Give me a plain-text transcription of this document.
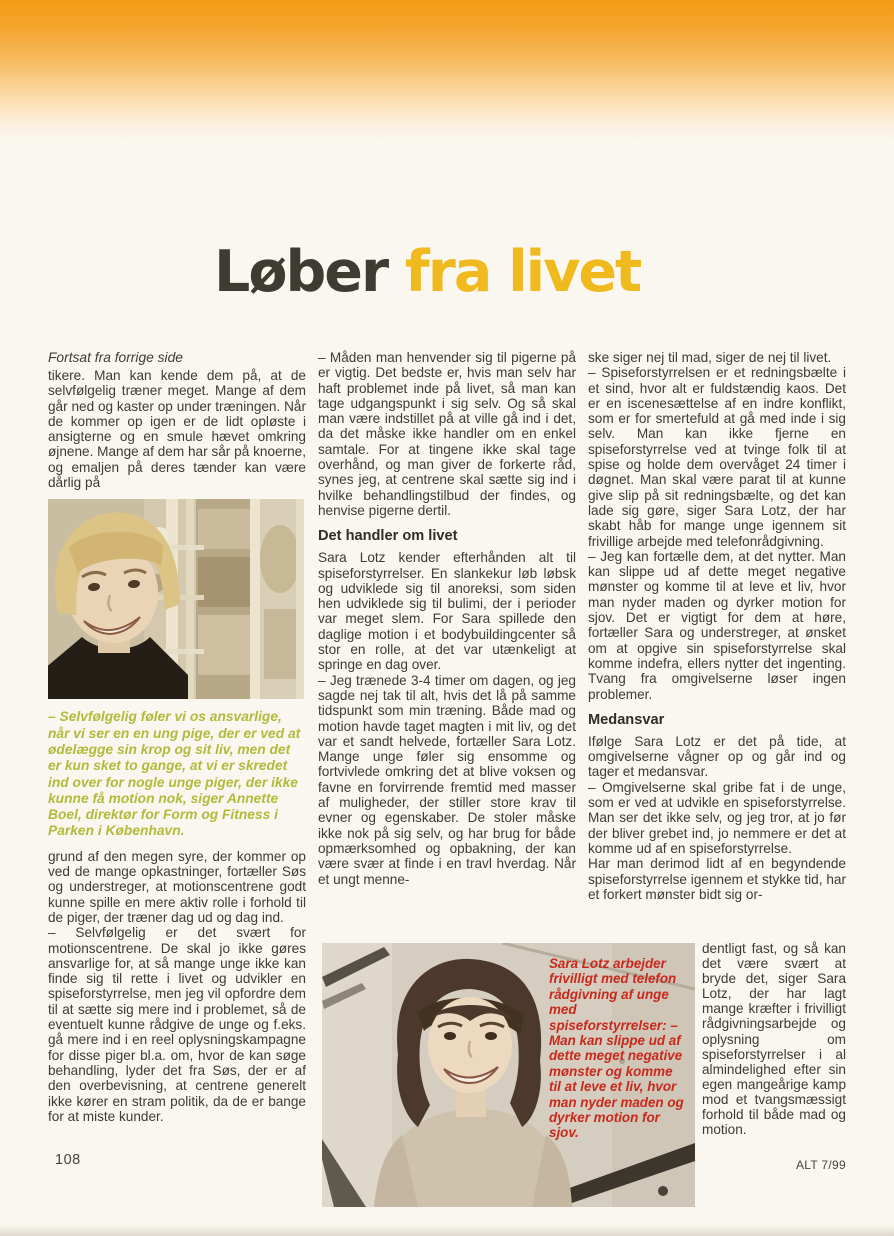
Løber fra livet

Fortsat fra forrige side

tikere. Man kan kende dem på, at de selvfølgelig træner meget. Mange af dem går ned og kaster op under træningen. Når de kommer op igen er de lidt opløste i ansigterne og en smule hævet omkring øjnene. Mange af dem har sår på knoerne, og emaljen på deres tænder kan være dårlig på

– Selvfølgelig føler vi os ansvarlige, når vi ser en en ung pige, der er ved at ødelægge sin krop og sit liv, men det er kun sket to gange, at vi er skredet ind over for nogle unge piger, der ikke kunne få motion nok, siger Annette Boel, direktør for Form og Fitness i Parken i København.

grund af den megen syre, der kommer op ved de mange opkastninger, fortæller Søs og understreger, at motionscentrene godt kunne spille en mere aktiv rolle i forhold til de piger, der træner dag ud og dag ind.

– Selvfølgelig er det svært for motionscentrene. De skal jo ikke gøres ansvarlige for, at så mange unge ikke kan finde sig til rette i livet og udvikler en spiseforstyrrelse, men jeg vil opfordre dem til at sætte sig mere ind i problemet, så de eventuelt kunne rådgive de unge og f.eks. gå mere ind i en reel oplysningskampagne for disse piger bl.a. om, hvor de kan søge behandling, lyder det fra Søs, der er af den overbevisning, at centrene generelt ikke kører en stram politik, da de er bange for at miste kunder.

– Måden man henvender sig til pigerne på er vigtig. Det bedste er, hvis man selv har haft problemet inde på livet, så man kan tage udgangspunkt i sig selv. Og så skal man være indstillet på at ville gå ind i det, da det måske ikke handler om en enkel samtale. For at tingene ikke skal tage overhånd, og man giver de forkerte råd, synes jeg, at centrene skal sætte sig ind i hvilke behandlingstilbud der findes, og henvise pigerne dertil.

Det handler om livet

Sara Lotz kender efterhånden alt til spiseforstyrrelser. En slankekur løb løbsk og udviklede sig til anoreksi, som siden hen udviklede sig til bulimi, der i perioder var meget slem. For Sara spillede den daglige motion i et bodybuildingcenter så stor en rolle, at det var utænkeligt at springe en dag over.

– Jeg trænede 3-4 timer om dagen, og jeg sagde nej tak til alt, hvis det lå på samme tidspunkt som min træning. Både mad og motion havde taget magten i mit liv, og det var et sandt helvede, fortæller Sara Lotz. Mange unge føler sig ensomme og fortvivlede omkring det at blive voksen og favne en forvirrende fremtid med masser af muligheder, der stiller store krav til evner og egenskaber. De stoler måske ikke nok på sig selv, og har brug for både opmærksomhed og opbakning, der kan være svær at finde i en travl hverdag. Når et ungt menne-

ske siger nej til mad, siger de nej til livet.

– Spiseforstyrrelsen er et redningsbælte i et sind, hvor alt er fuldstændig kaos. Det er en iscenesættelse af en indre konflikt, som er for smertefuld at gå med inde i sig selv. Man kan ikke fjerne en spiseforstyrrelse ved at tvinge folk til at spise og holde dem overvåget 24 timer i døgnet. Man skal være parat til at kunne give slip på sit redningsbælte, og det kan lade sig gøre, siger Sara Lotz, der har skabt håb for mange unge igennem sit frivillige arbejde med telefonrådgivning.

– Jeg kan fortælle dem, at det nytter. Man kan slippe ud af dette meget negative mønster og komme til at leve et liv, hvor man nyder maden og dyrker motion for sjov. Det er vigtigt for dem at høre, fortæller Sara og understreger, at ønsket om at opgive sin spiseforstyrrelse skal komme indefra, ellers nytter det ingenting. Tvang fra omgivelserne løser ingen problemer.

Medansvar

Ifølge Sara Lotz er det på tide, at omgivelserne vågner op og går ind og tager et medansvar.

– Omgivelserne skal gribe fat i de unge, som er ved at udvikle en spiseforstyrrelse. Man ser det ikke selv, og jeg tror, at jo før der bliver grebet ind, jo nemmere er det at komme ud af en spiseforstyrrelse.

Har man derimod lidt af en begyndende spiseforstyrrelse igennem et stykke tid, har et forkert mønster bidt sig or-

Sara Lotz arbejder frivilligt med telefon rådgivning af unge med spiseforstyrrelser: – Man kan slippe ud af dette meget negative mønster og komme til at leve et liv, hvor man nyder maden og dyrker motion for sjov.

dentligt fast, og så kan det være svært at bryde det, siger Sara Lotz, der har lagt mange kræfter i frivilligt rådgivningsarbejde og oplysning om spiseforstyrrelser i al almindelighed efter sin egen mangeårige kamp mod et tvangsmæssigt forhold til både mad og motion.

108	ALT 7/99
